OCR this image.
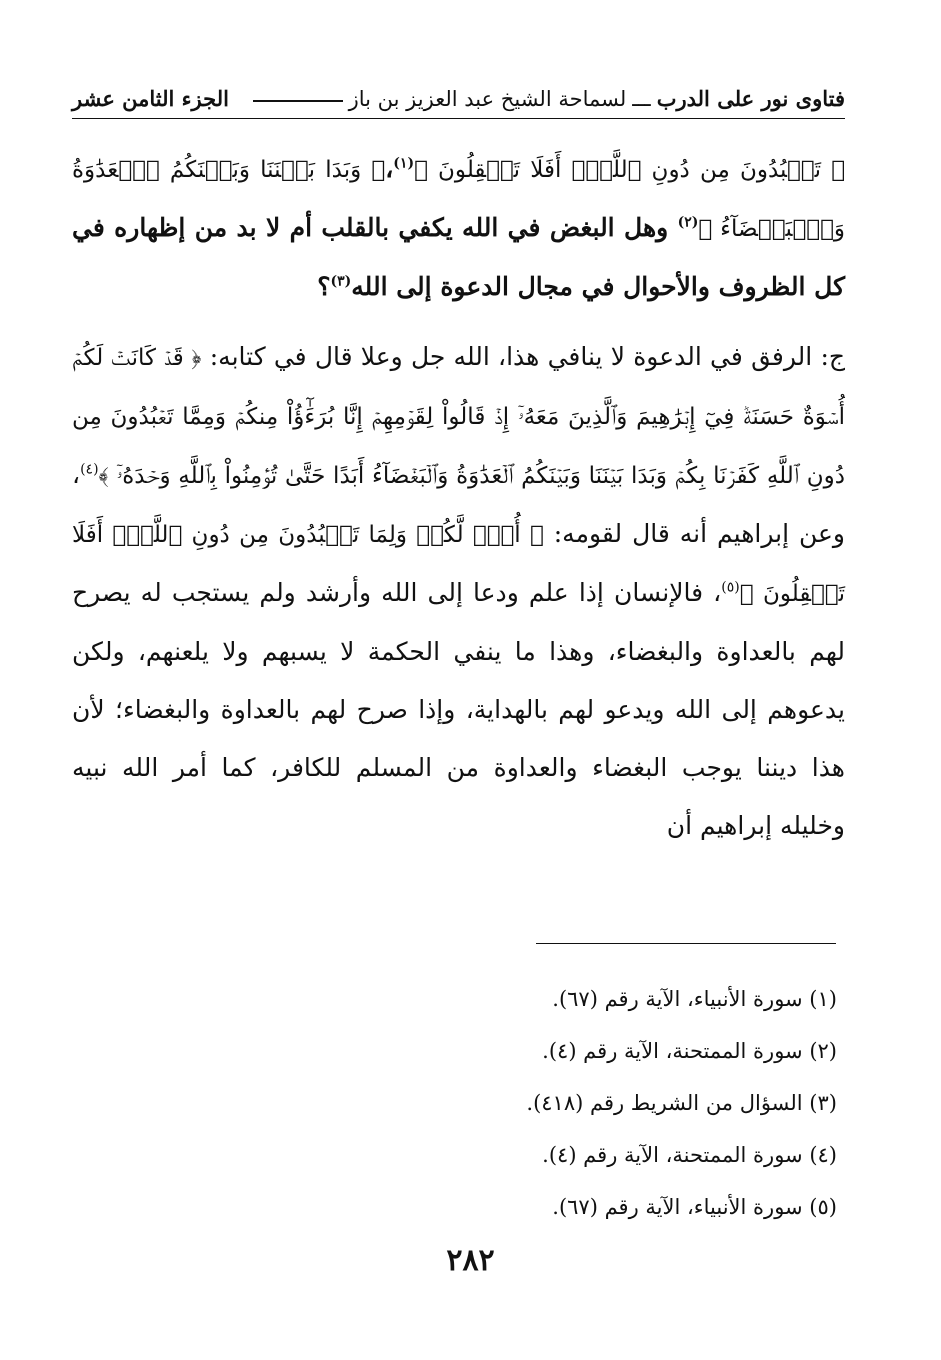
الجزء الثامن عشر	فتاوى نور على الدرب
ـــ
لسماحة الشيخ عبد العزيز بن باز

﴿ تَعۡبُدُونَ مِن دُونِ ٱللَّهِۚ أَفَلَا تَعۡقِلُونَ ﴾$^{(١)}$،﴿ وَبَدَا بَيۡنَنَا وَبَيۡنَكُمُ ٱلۡعَدَٰوَةُ وَٱلۡبَغۡضَآءُ ﴾$^{(٢)}$ وهل البغض في الله يكفي بالقلب أم لا بد من إظهاره في كل الظروف والأحوال في مجال الدعوة إلى الله$^{(٣)}$؟

ج: الرفق في الدعوة لا ينافي هذا، الله جل وعلا قال في كتابه: ﴿ قَدۡ كَانَتۡ لَكُمۡ أُسۡوَةٌ حَسَنَةٞ فِيٓ إِبۡرَٰهِيمَ وَٱلَّذِينَ مَعَهُۥٓ إِذۡ قَالُواْ لِقَوۡمِهِمۡ إِنَّا بُرَءَٰٓؤُاْ مِنكُمۡ وَمِمَّا تَعۡبُدُونَ مِن دُونِ ٱللَّهِ كَفَرۡنَا بِكُمۡ وَبَدَا بَيۡنَنَا وَبَيۡنَكُمُ ٱلۡعَدَٰوَةُ وَٱلۡبَغۡضَآءُ أَبَدًا حَتَّىٰ تُؤۡمِنُواْ بِٱللَّهِ وَحۡدَهُۥٓ ﴾$^{(٤)}$، وعن إبراهيم أنه قال لقومه: ﴿ أُفّٖ لَّكُمۡ وَلِمَا تَعۡبُدُونَ مِن دُونِ ٱللَّهِۚ أَفَلَا تَعۡقِلُونَ ﴾$^{(٥)}$، فالإنسان إذا علم ودعا إلى الله وأرشد ولم يستجب له يصرح لهم بالعداوة والبغضاء، وهذا ما ينفي الحكمة لا يسبهم ولا يلعنهم، ولكن يدعوهم إلى الله ويدعو لهم بالهداية، وإذا صرح لهم بالعداوة والبغضاء؛ لأن هذا ديننا يوجب البغضاء والعداوة من المسلم للكافر، كما أمر الله نبيه وخليله إبراهيم أن

(١) سورة الأنبياء، الآية رقم (٦٧).
(٢) سورة الممتحنة، الآية رقم (٤).
(٣) السؤال من الشريط رقم (٤١٨).
(٤) سورة الممتحنة، الآية رقم (٤).
(٥) سورة الأنبياء، الآية رقم (٦٧).
٢٨٢
